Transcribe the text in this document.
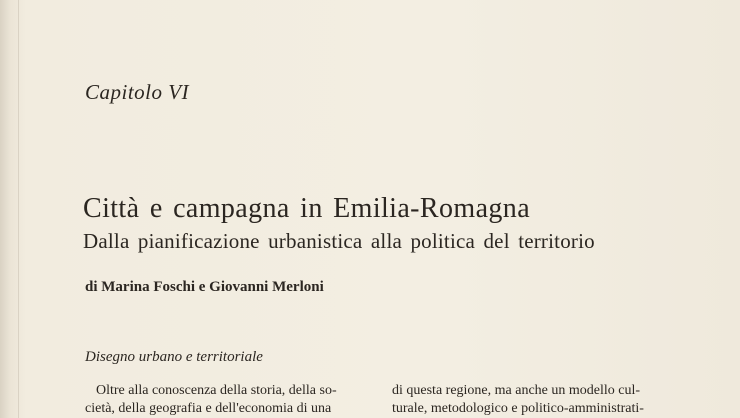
Capitolo VI
Città e campagna in Emilia-Romagna
Dalla pianificazione urbanistica alla politica del territorio
di Marina Foschi e Giovanni Merloni
Disegno urbano e territoriale
Oltre alla conoscenza della storia, della so-
cietà, della geografia e dell'economia di una
di questa regione, ma anche un modello cul-
turale, metodologico e politico-amministrati-
